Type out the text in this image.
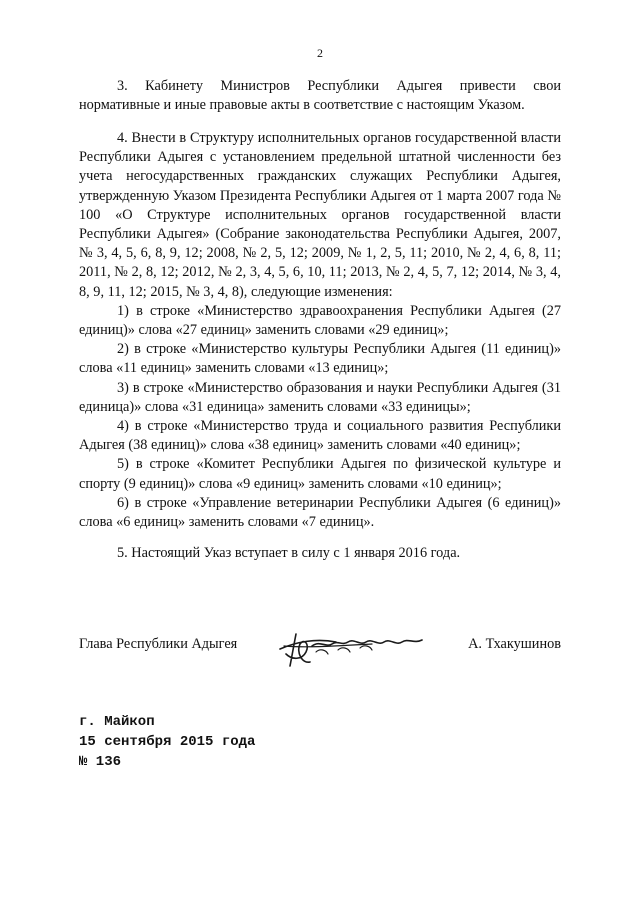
2

3. Кабинету Министров Республики Адыгея привести свои нормативные и иные правовые акты в соответствие с настоящим Указом.

4. Внести в Структуру исполнительных органов государственной власти Республики Адыгея с установлением предельной штатной численности без учета негосударственных гражданских служащих Республики Адыгея, утвержденную Указом Президента Республики Адыгея от 1 марта 2007 года № 100 «О Структуре исполнительных органов государственной власти Республики Адыгея» (Собрание законодательства Республики Адыгея, 2007, № 3, 4, 5, 6, 8, 9, 12; 2008, № 2, 5, 12; 2009, № 1, 2, 5, 11; 2010, № 2, 4, 6, 8, 11; 2011, № 2, 8, 12; 2012, № 2, 3, 4, 5, 6, 10, 11; 2013, № 2, 4, 5, 7, 12; 2014, № 3, 4, 8, 9, 11, 12; 2015, № 3, 4, 8), следующие изменения:

1) в строке «Министерство здравоохранения Республики Адыгея (27 единиц)» слова «27 единиц» заменить словами «29 единиц»;

2) в строке «Министерство культуры Республики Адыгея (11 единиц)» слова «11 единиц» заменить словами «13 единиц»;

3) в строке «Министерство образования и науки Республики Адыгея (31 единица)» слова «31 единица» заменить словами «33 единицы»;

4) в строке «Министерство труда и социального развития Республики Адыгея (38 единиц)» слова «38 единиц» заменить словами «40 единиц»;

5) в строке «Комитет Республики Адыгея по физической культуре и спорту (9 единиц)» слова «9 единиц» заменить словами «10 единиц»;

6) в строке «Управление ветеринарии Республики Адыгея (6 единиц)» слова «6 единиц» заменить словами «7 единиц».

5. Настоящий Указ вступает в силу с 1 января 2016 года.

Глава Республики Адыгея	А. Тхакушинов
г. Майкоп
15 сентября 2015 года
№ 136
